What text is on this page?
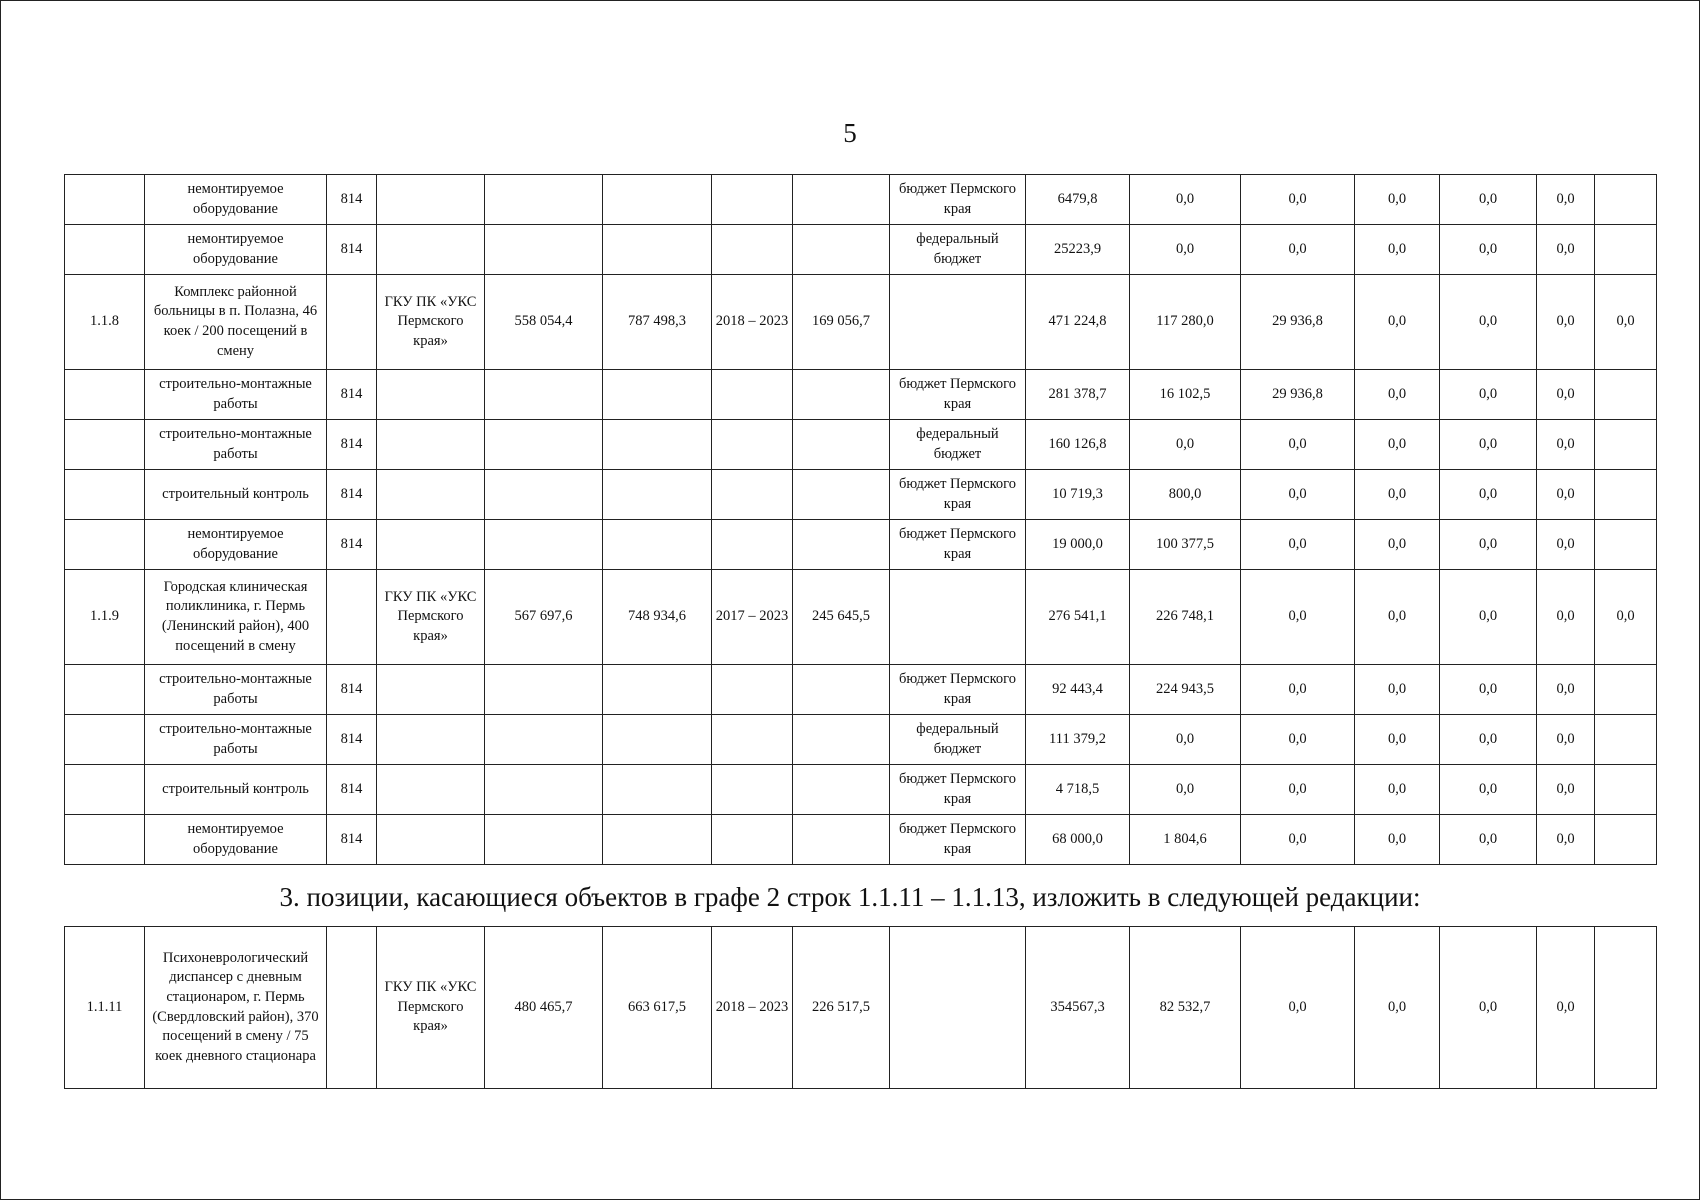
5
	немонтируемое оборудование	814						бюджет Пермского края	6479,8	0,0	0,0	0,0	0,0	0,0	
	немонтируемое оборудование	814						федеральный бюджет	25223,9	0,0	0,0	0,0	0,0	0,0	
1.1.8	Комплекс районной больницы в п. Полазна, 46 коек / 200 посещений в смену		ГКУ ПК «УКС Пермского края»	558 054,4	787 498,3	2018 – 2023	169 056,7		471 224,8	117 280,0	29 936,8	0,0	0,0	0,0	0,0
	строительно-монтажные работы	814						бюджет Пермского края	281 378,7	16 102,5	29 936,8	0,0	0,0	0,0	
	строительно-монтажные работы	814						федеральный бюджет	160 126,8	0,0	0,0	0,0	0,0	0,0	
	строительный контроль	814						бюджет Пермского края	10 719,3	800,0	0,0	0,0	0,0	0,0	
	немонтируемое оборудование	814						бюджет Пермского края	19 000,0	100 377,5	0,0	0,0	0,0	0,0	
1.1.9	Городская клиническая поликлиника, г. Пермь (Ленинский район), 400 посещений в смену		ГКУ ПК «УКС Пермского края»	567 697,6	748 934,6	2017 – 2023	245 645,5		276 541,1	226 748,1	0,0	0,0	0,0	0,0	0,0
	строительно-монтажные работы	814						бюджет Пермского края	92 443,4	224 943,5	0,0	0,0	0,0	0,0	
	строительно-монтажные работы	814						федеральный бюджет	111 379,2	0,0	0,0	0,0	0,0	0,0	
	строительный контроль	814						бюджет Пермского края	4 718,5	0,0	0,0	0,0	0,0	0,0	
	немонтируемое оборудование	814						бюджет Пермского края	68 000,0	1 804,6	0,0	0,0	0,0	0,0	
3. позиции, касающиеся объектов в графе 2 строк 1.1.11 – 1.1.13, изложить в следующей редакции:
1.1.11	Психоневрологический диспансер с дневным стационаром, г. Пермь (Свердловский район), 370 посещений в смену / 75 коек дневного стационара		ГКУ ПК «УКС Пермского края»	480 465,7	663 617,5	2018 – 2023	226 517,5		354567,3	82 532,7	0,0	0,0	0,0	0,0	
